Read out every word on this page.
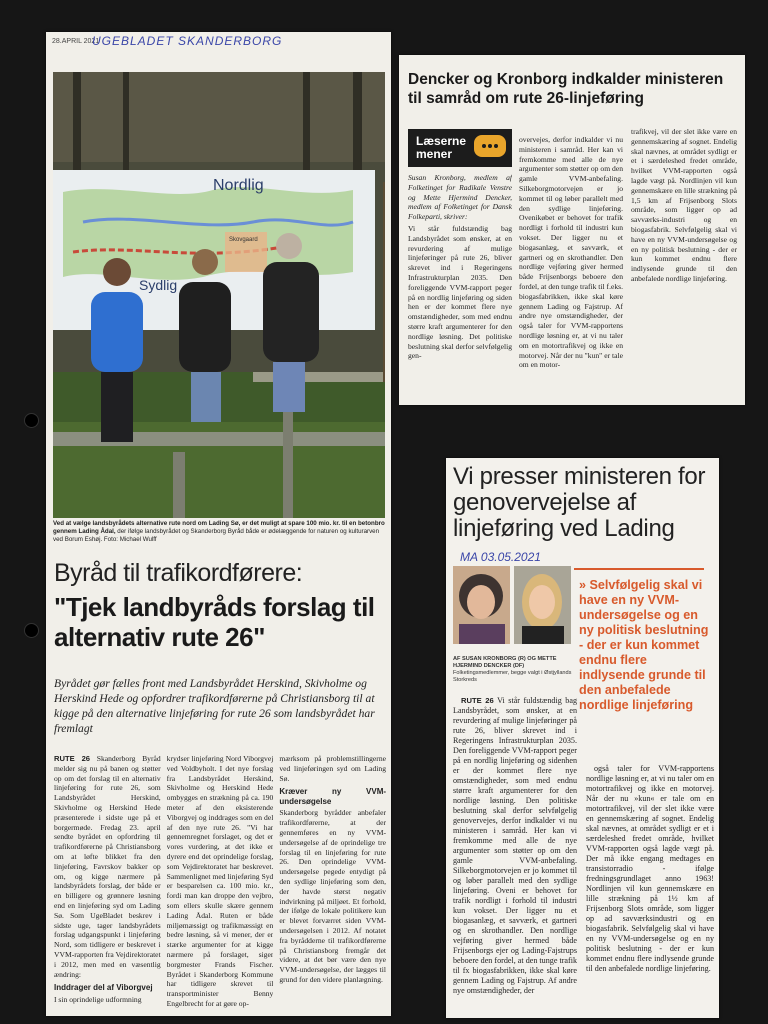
28.APRIL 2021
UGEBLADET SKANDERBORG
Nordlig
Sydlig
Skovgaard
Ved at vælge landsbyrådets alternative rute nord om Lading Sø, er det muligt at spare 100 mio. kr. til en betonbro gennem Lading Ådal, der ifølge landsbyrådet og Skanderborg Byråd både er ødelæggende for naturen og kulturarven ved Borum Eshøj. Foto: Michael Wulff
Byråd til trafikordførere:
"Tjek landbyråds forslag til alternativ rute 26"
Byrådet gør fælles front med Landsbyrådet Herskind, Skivholme og Herskind Hede og opfordrer trafikordførerne på Christiansborg til at kigge på den alternative linjeføring for rute 26 som landsbyrådet har fremlagt

RUTE 26 Skanderborg Byråd melder sig nu på banen og støtter op om det forslag til en alternativ linjeføring for rute 26, som Landsbyrådet Herskind, Skivholme og Herskind Hede præsenterede i sidste uge på et borgermøde. Fredag 23. april sendte byrådet en opfordring til trafikordførerne på Christiansborg om at løfte blikket fra den linjeføring, Favrskov bakker op om, og kigge nærmere på landsbyrådets forslag, der både er en billigere og grønnere løsning end en linjeføring syd om Lading Sø. Som UgeBladet beskrev i sidste uge, tager landsbyrådets forslag udgangspunkt i linjeføring Nord, som tidligere er beskrevet i VVM-rapporten fra Vejdirektoratet i 2012, men med en væsentlig ændring:

Inddrager del af Viborgvej

I sin oprindelige udformning

krydser linjeføring Nord Viborgvej ved Voldbyholt. I det nye forslag fra Landsbyrådet Herskind, Skivholme og Herskind Hede ombygges en strækning på ca. 190 meter af den eksisterende Viborgvej og inddrages som en del af den nye rute 26. "Vi har gennemregnet forslaget, og det er vores vurdering, at det ikke er dyrere end det oprindelige forslag, som Vejdirektoratet har beskrevet. Sammenlignet med linjeføring Syd er besparelsen ca. 100 mio. kr., fordi man kan droppe den vejbro, som ellers skulle skære gennem Lading Ådal. Ruten er både miljømæssigt og trafikmæssigt en bedre løsning, så vi mener, der er stærke argumenter for at kigge nærmere på forslaget, siger borgmester Frands Fischer. Byrådet i Skanderborg Kommune har tidligere skrevet til transportminister Benny Engelbrecht for at gøre op-

mærksom på problemstillingerne ved linjeføringen syd om Lading Sø.

Kræver ny VVM-undersøgelse

Skanderborg byrådder anbefaler trafikordførerne, at der gennemføres en ny VVM-undersøgelse af de oprindelige tre forslag til en linjeføring for rute 26. Den oprindelige VVM-undersøgelse pegede entydigt på den sydlige linjeføring som den, der havde størst negativ indvirkning på miljøet. Et forhold, der ifølge de lokale politikere kun er blevet forværret siden VVM-undersøgelsen i 2012. Af notatet fra byrådderne til trafikordførerne på Christiansborg fremgår det videre, at det bør være den nye VVM-undersøgelse, der lægges til grund for den videre planlægning.

Dencker og Kronborg indkalder ministeren til samråd om rute 26-linjeføring
Læserne mener

Susan Kronborg, medlem af Folketinget for Radikale Venstre og Mette Hjermind Dencker, medlem af Folketinget for Dansk Folkeparti, skriver:

Vi står fuldstændig bag Landsbyrådet som ønsker, at en revurdering af mulige linjeføringer på rute 26, bliver skrevet ind i Regeringens Infrastrukturplan 2035. Den foreliggende VVM-rapport peger på en nordlig linjeføring og siden hen er der kommet flere nye omstændigheder, som med endnu større kraft argumenterer for den nordlige løsning. Det politiske beslutning skal derfor selvfølgelig gen-

overvejes, derfor indkalder vi nu ministeren i samråd. Her kan vi fremkomme med alle de nye argumenter som støtter op om den gamle VVM-anbefaling. Silkeborgmotorvejen er jo kommet til og løber parallelt med den sydlige linjeføring. Ovenikøbet er behovet for trafik nordligt i forhold til industri kun vokset. Der ligger nu et biogasanlæg, et savværk, et gartneri og en skrothandler. Den nordlige vejføring giver hermed både Frijsenborgs beboere den fordel, at den tunge trafik til f.eks. biogasfabrikken, ikke skal køre gennem Lading og Fajstrup. Af andre nye omstændigheder, der også taler for VVM-rapportens nordlige løsning er, at vi nu taler om en motortrafikvej og ikke en motorvej. Når der nu "kun" er tale om en motor-

trafikvej, vil der slet ikke være en gennemskæring af sognet. Endelig skal nævnes, at området sydligt er et i særdeleshed fredet område, hvilket VVM-rapporten også lagde vægt på. Nordlinjen vil kun gennemskære en lille strækning på 1,5 km af Frijsenborg Slots område, som ligger op ad savværks-industri og en biogasfabrik. Selvfølgelig skal vi have en ny VVM-undersøgelse og en ny politisk beslutning - der er kun kommet endnu flere indlysende grunde til den anbefalede nordlige linjeføring.

Vi presser ministeren for genovervejelse af linjeføring ved Lading
MA 03.05.2021
» Selvfølgelig skal vi have en ny VVM-undersøgelse og en ny politisk beslutning - der er kun kommet endnu flere indlysende grunde til den anbefalede nordlige linjeføring
AF SUSAN KRONBORG (R) OG METTE HJERMIND DENCKER (DF)
Folketingsmedlemmer, begge valgt i Østjyllands Storkreds

RUTE 26 Vi står fuldstændig bag Landsbyrådet, som ønsker, at en revurdering af mulige linjeføringer på rute 26, bliver skrevet ind i Regeringens Infrastrukturplan 2035. Den foreliggende VVM-rapport peger på en nordlig linjeføring og sidenhen er der kommet flere nye omstændigheder, som med endnu større kraft argumenterer for den nordlige løsning. Den politiske beslutning skal derfor selvfølgelig genovervejes, derfor indkalder vi nu ministeren i samråd. Her kan vi fremkomme med alle de nye argumenter som støtter op om den gamle VVM-anbefaling. Silkeborgmotorvejen er jo kommet til og løber parallelt med den sydlige linjeføring. Oveni er behovet for trafik nordligt i forhold til industri kun vokset. Der ligger nu et biogasanlæg, et savværk, et gartneri og en skrothandler. Den nordlige vejføring giver hermed både Frijsenborgs ejer og Lading-Fajstrups beboere den fordel, at den tunge trafik til fx biogasfabrikken, ikke skal køre gennem Lading og Fajstrup. Af andre nye omstændigheder, der

også taler for VVM-rapportens nordlige løsning er, at vi nu taler om en motortrafikvej og ikke en motorvej. Når der nu »kun« er tale om en motortrafikvej, vil der slet ikke være en gennemskæring af sognet. Endelig skal nævnes, at området sydligt er et i særdeleshed fredet område, hvilket VVM-rapporten også lagde vægt på. Der må ikke engang medtages en transistorradio - ifølge fredningsgrundlaget anno 1963! Nordlinjen vil kun gennemskære en lille strækning på 1½ km af Frijsenborg Slots område, som ligger op ad savværksindustri og en biogasfabrik. Selvfølgelig skal vi have en ny VVM-undersøgelse og en ny politisk beslutning - der er kun kommet endnu flere indlysende grunde til den anbefalede nordlige linjeføring.
